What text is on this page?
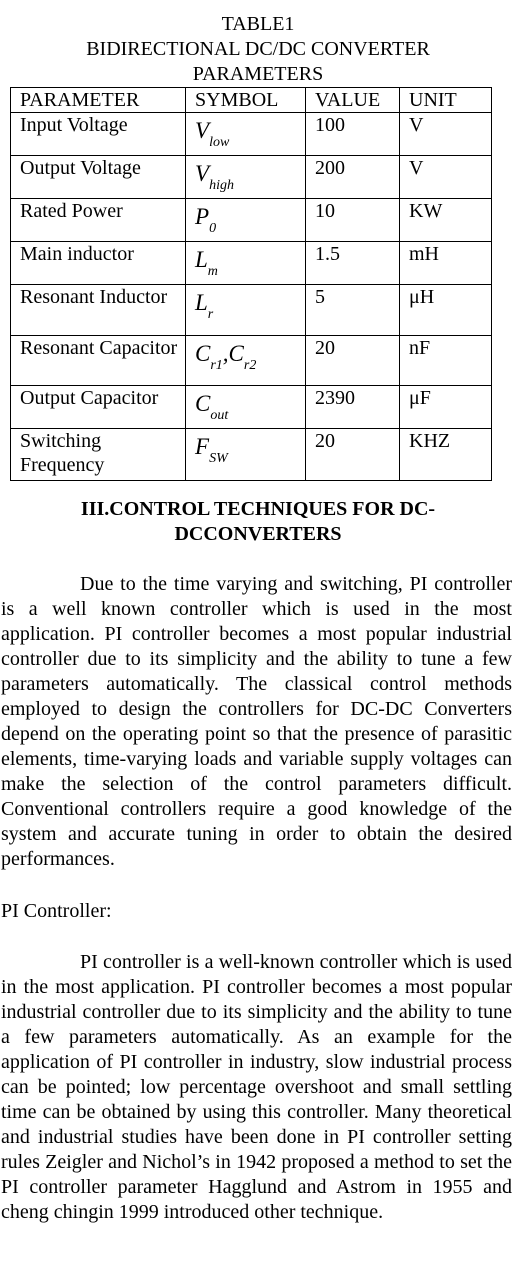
TABLE1
BIDIRECTIONAL DC/DC CONVERTER
PARAMETERS
PARAMETER	SYMBOL	VALUE	UNIT
Input Voltage	$V_{low}$	100	V
Output Voltage	$V_{high}$	200	V
Rated Power	$P_0$	10	KW
Main inductor	$L_m$	1.5	mH
Resonant Inductor	$L_r$	5	μH
Resonant Capacitor	$C_{r1},C_{r2}$	20	nF
Output Capacitor	$C_{out}$	2390	μF
Switching Frequency	$F_{SW}$	20	KHZ
III.CONTROL TECHNIQUES FOR DC-
DCCONVERTERS

Due to the time varying and switching, PI controller is a well known controller which is used in the most application. PI controller becomes a most popular industrial controller due to its simplicity and the ability to tune a few parameters automatically. The classical control methods employed to design the controllers for DC-DC Converters depend on the operating point so that the presence of parasitic elements, time-varying loads and variable supply voltages can make the selection of the control parameters difficult. Conventional controllers require a good knowledge of the system and accurate tuning in order to obtain the desired performances.

PI Controller:

PI controller is a well-known controller which is used in the most application. PI controller becomes a most popular industrial controller due to its simplicity and the ability to tune a few parameters automatically. As an example for the application of PI controller in industry, slow industrial process can be pointed; low percentage overshoot and small settling time can be obtained by using this controller. Many theoretical and industrial studies have been done in PI controller setting rules Zeigler and Nichol’s in 1942 proposed a method to set the PI controller parameter Hagglund and Astrom in 1955 and cheng chingin 1999 introduced other technique.
